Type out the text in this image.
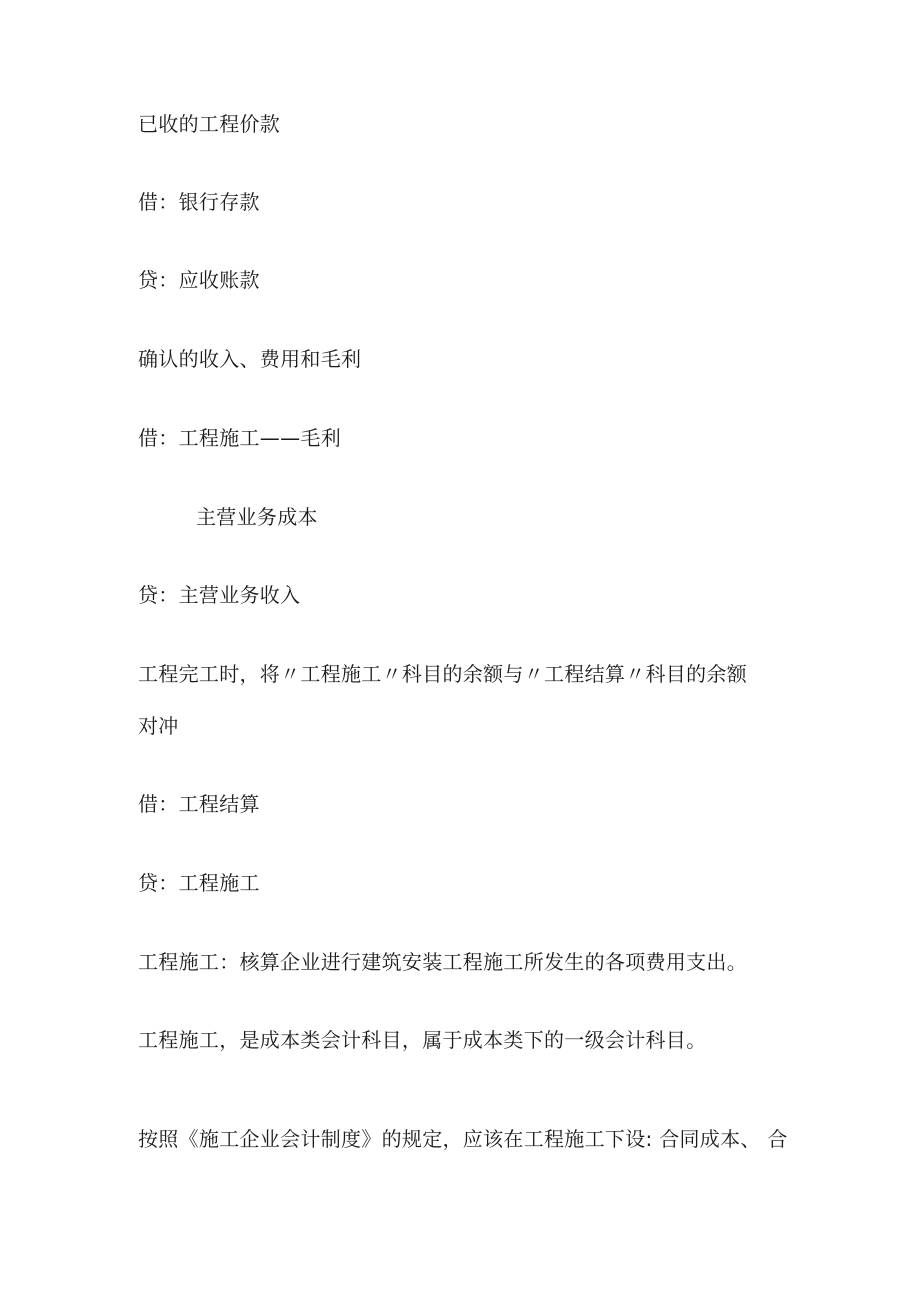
已收的工程价款
借：银行存款
贷：应收账款
确认的收入、费用和毛利
借：工程施工——毛利
主营业务成本
贷：主营业务收入
工程完工时，将〃工程施工〃科目的余额与〃工程结算〃科目的余额
对冲
借：工程结算
贷：工程施工
工程施工：核算企业进行建筑安装工程施工所发生的各项费用支出。
工程施工，是成本类会计科目，属于成本类下的一级会计科目。
按照《施工企业会计制度》的规定，应该在工程施工下设: 合同成本、 合
